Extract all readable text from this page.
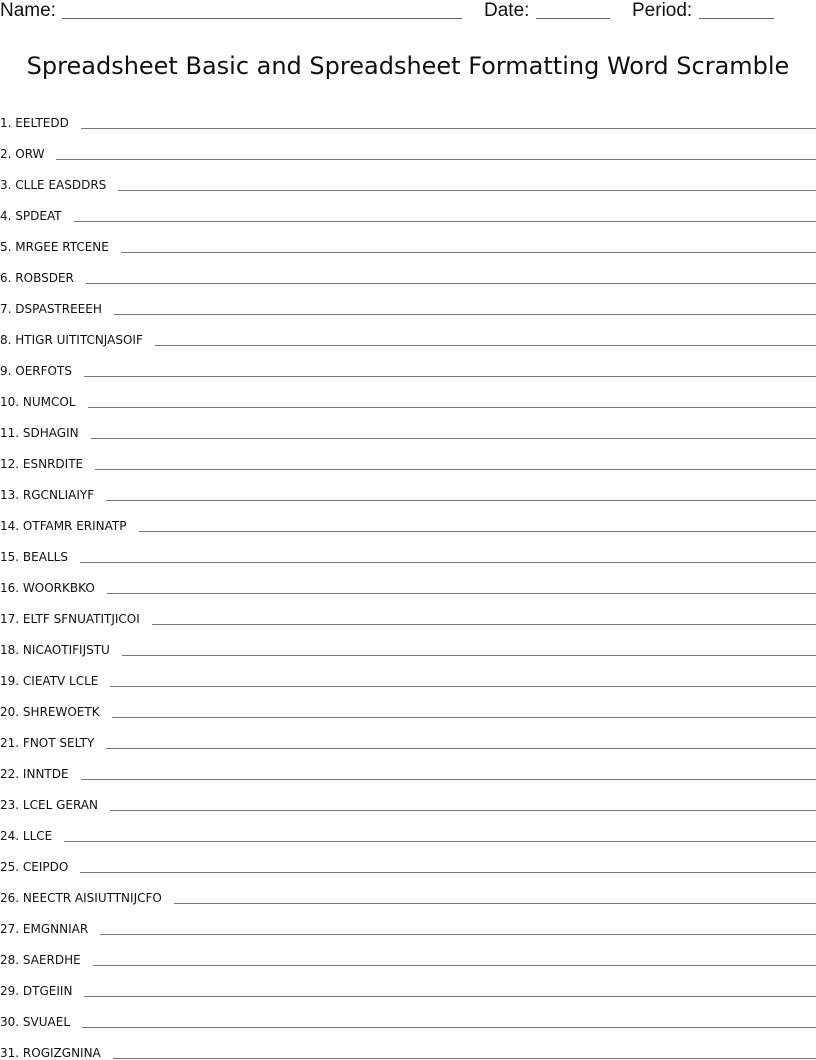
Name:	Date:	Period:
Spreadsheet Basic and Spreadsheet Formatting Word Scramble
1 . EELTEDD
2 . ORW
3 . CLLE EASDDRS
4 . SPDEAT
5 . MRGEE RTCENE
6 . ROBSDER
7 . DSPASTREEEH
8 . HTIGR UITITCNJASOIF
9 . OERFOTS
10 . NUMCOL
11 . SDHAGIN
12 . ESNRDITE
13 . RGCNLIAIYF
14 . OTFAMR ERINATP
15 . BEALLS
16 . WOORKBKO
17 . ELTF SFNUATITJICOI
18 . NICAOTIFIJSTU
19 . CIEATV LCLE
20 . SHREWOETK
21 . FNOT SELTY
22 . INNTDE
23 . LCEL GERAN
24 . LLCE
25 . CEIPDO
26 . NEECTR AISIUTTNIJCFO
27 . EMGNNIAR
28 . SAERDHE
29 . DTGEIIN
30 . SVUAEL
31 . ROGIZGNINA
